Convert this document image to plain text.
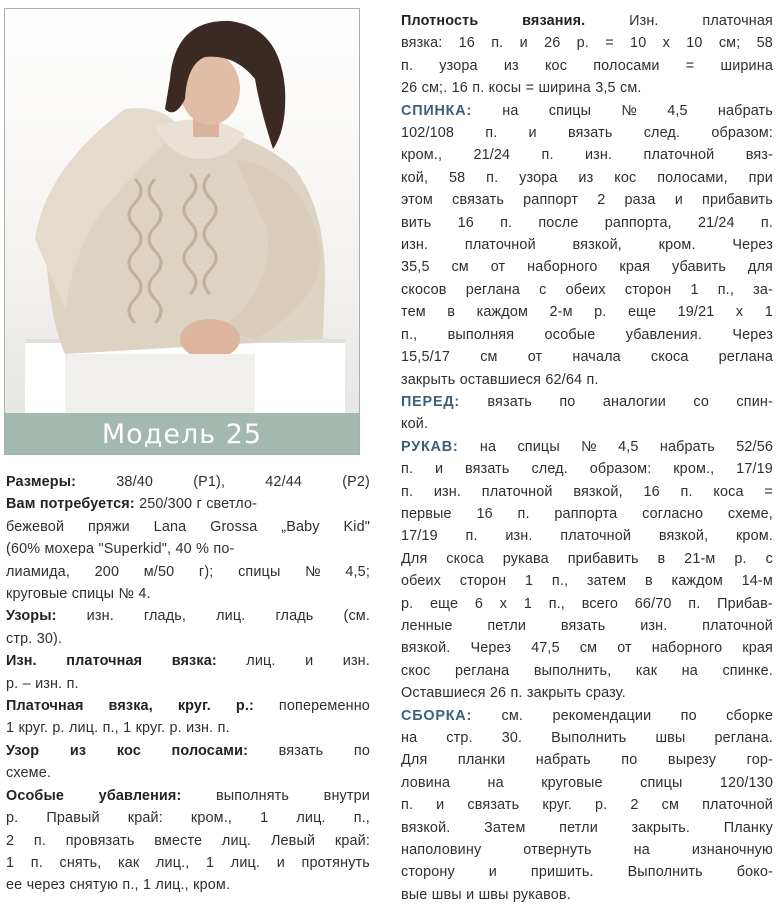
Модель 25
Размеры:	38/40	(Р1),	42/44	(Р2)
Вам потребуется: 250/300 г светло-
бежевой пряжи Lana Grossa „Baby Kid"
(60% мохера "Superkid", 40 % по-
лиамида, 200 м/50 г); спицы № 4,5;
круговые спицы № 4.
Узоры: изн. гладь, лиц. гладь (см.
стр. 30).
Изн. платочная вязка: лиц. и изн.
р. – изн. п.
Платочная вязка, круг. р.: попеременно
1 круг. р. лиц. п., 1 круг. р. изн. п.
Узор из кос полосами: вязать по
схеме.
Особые убавления: выполнять внутри
р. Правый край: кром., 1 лиц. п.,
2 п. провязать вместе лиц. Левый край:
1 п. снять, как лиц., 1 лиц. и протянуть
ее через снятую п., 1 лиц., кром.
Плотность	вязания.	Изн.	платочная
вязка: 16 п. и 26 р. = 10 х 10 см; 58
п. узора из кос полосами = ширина
26 см;. 16 п. косы = ширина 3,5 см.
СПИНКА: на спицы № 4,5 набрать
102/108 п. и вязать след. образом:
кром., 21/24 п. изн. платочной вяз-
кой, 58 п. узора из кос полосами, при
этом связать раппорт 2 раза и прибавить
вить 16 п. после раппорта, 21/24 п.
изн.	платочной	вязкой,	кром.	Через
35,5 см от наборного края убавить для
скосов реглана с обеих сторон 1 п., за-
тем в каждом 2-м р. еще 19/21 х 1
п., выполняя особые убавления. Через
15,5/17 см от начала скоса реглана
закрыть оставшиеся 62/64 п.
ПЕРЕД: вязать по аналогии со спин-
кой.
РУКАВ: на спицы № 4,5 набрать 52/56
п. и вязать след. образом: кром., 17/19
п. изн. платочной вязкой, 16 п. коса =
первые 16 п. раппорта согласно схеме,
17/19 п. изн. платочной вязкой, кром.
Для скоса рукава прибавить в 21-м р. с
обеих сторон 1 п., затем в каждом 14-м
р. еще 6 х 1 п., всего 66/70 п. Прибав-
ленные петли вязать изн. платочной
вязкой. Через 47,5 см от наборного края
скос реглана выполнить, как на спинке.
Оставшиеся 26 п. закрыть сразу.
СБОРКА: см. рекомендации по сборке
на стр. 30. Выполнить швы реглана.
Для планки набрать по вырезу гор-
ловина	на	круговые	спицы	120/130
п. и связать круг. р. 2 см платочной
вязкой. Затем петли закрыть. Планку
наполовину	отвернуть	на	изнаночную
сторону и пришить. Выполнить боко-
вые швы и швы рукавов.
